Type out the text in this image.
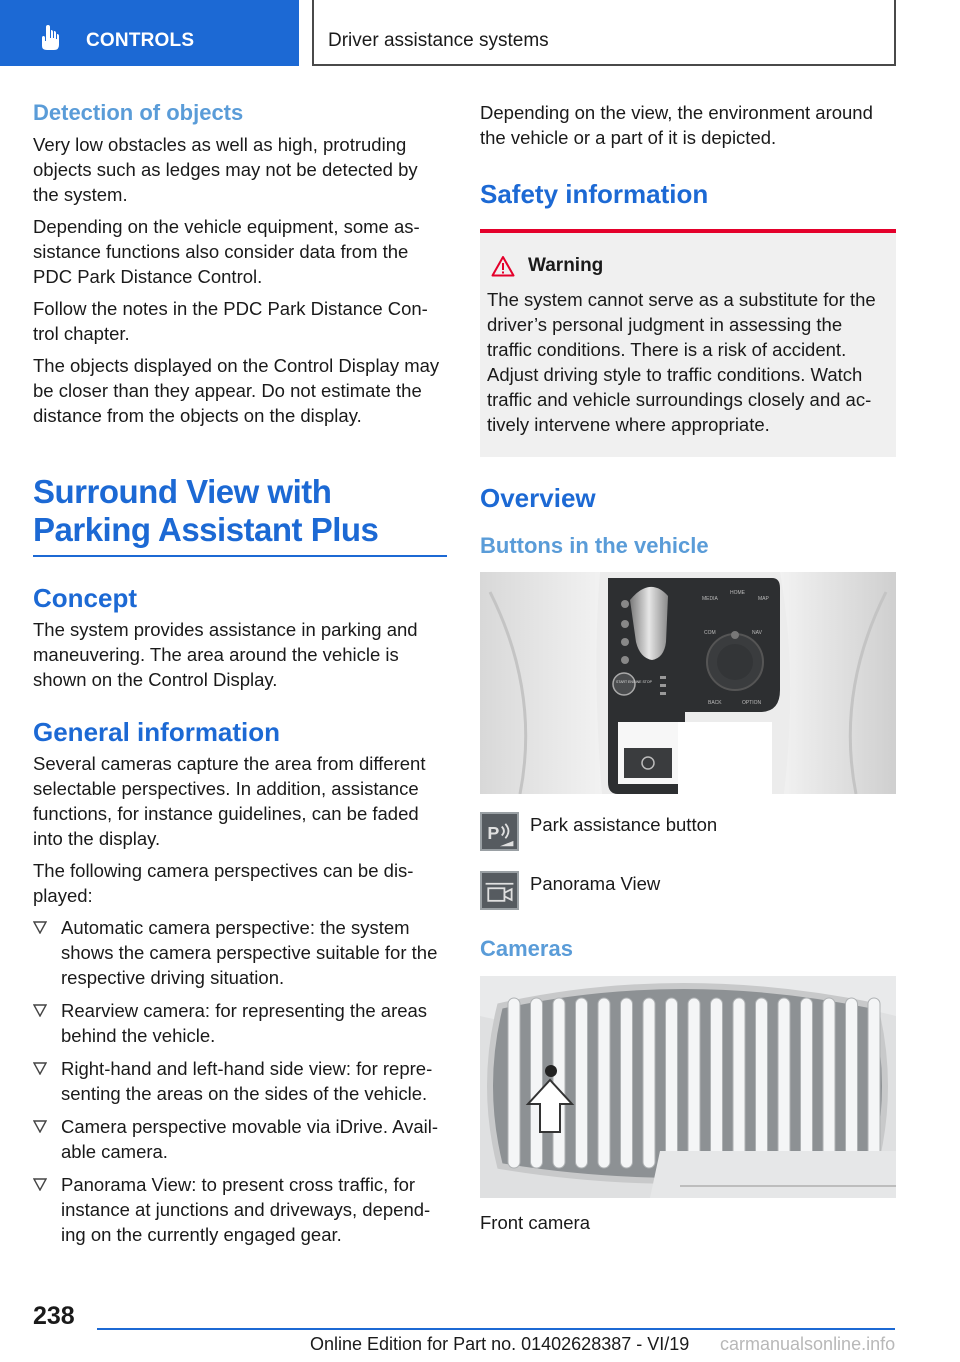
CONTROLS	Driver assistance systems
Detection of objects

Very low obstacles as well as high, protruding objects such as ledges may not be detected by the system.

Depending on the vehicle equipment, some as‐ sistance functions also consider data from the PDC Park Distance Control.

Follow the notes in the PDC Park Distance Con‐ trol chapter.

The objects displayed on the Control Display may be closer than they appear. Do not estimate the distance from the objects on the display.

Surround View with
Parking Assistant Plus
Concept

The system provides assistance in parking and maneuvering. The area around the vehicle is shown on the Control Display.

General information

Several cameras capture the area from different selectable perspectives. In addition, assistance functions, for instance guidelines, can be faded into the display.

The following camera perspectives can be dis‐ played:

Automatic camera perspective: the system shows the camera perspective suitable for the respective driving situation.
Rearview camera: for representing the areas behind the vehicle.
Right-hand and left-hand side view: for repre‐ senting the areas on the sides of the vehicle.
Camera perspective movable via iDrive. Avail‐ able camera.
Panorama View: to present cross traffic, for instance at junctions and driveways, depend‐ ing on the currently engaged gear.

Depending on the view, the environment around the vehicle or a part of it is depicted.

Safety information
Warning

The system cannot serve as a substitute for the driver’s personal judgment in assessing the traffic conditions. There is a risk of accident. Adjust driving style to traffic conditions. Watch traffic and vehicle surroundings closely and ac‐ tively intervene where appropriate.

Overview
Buttons in the vehicle
MEDIA
HOME
MAP
COM	NAV
BACK	OPTION
START ENGINE STOP
P Park assistance button
Panorama View
Cameras

Front camera

238
Online Edition for Part no. 01402628387 - VI/19 carmanualsonline.info
